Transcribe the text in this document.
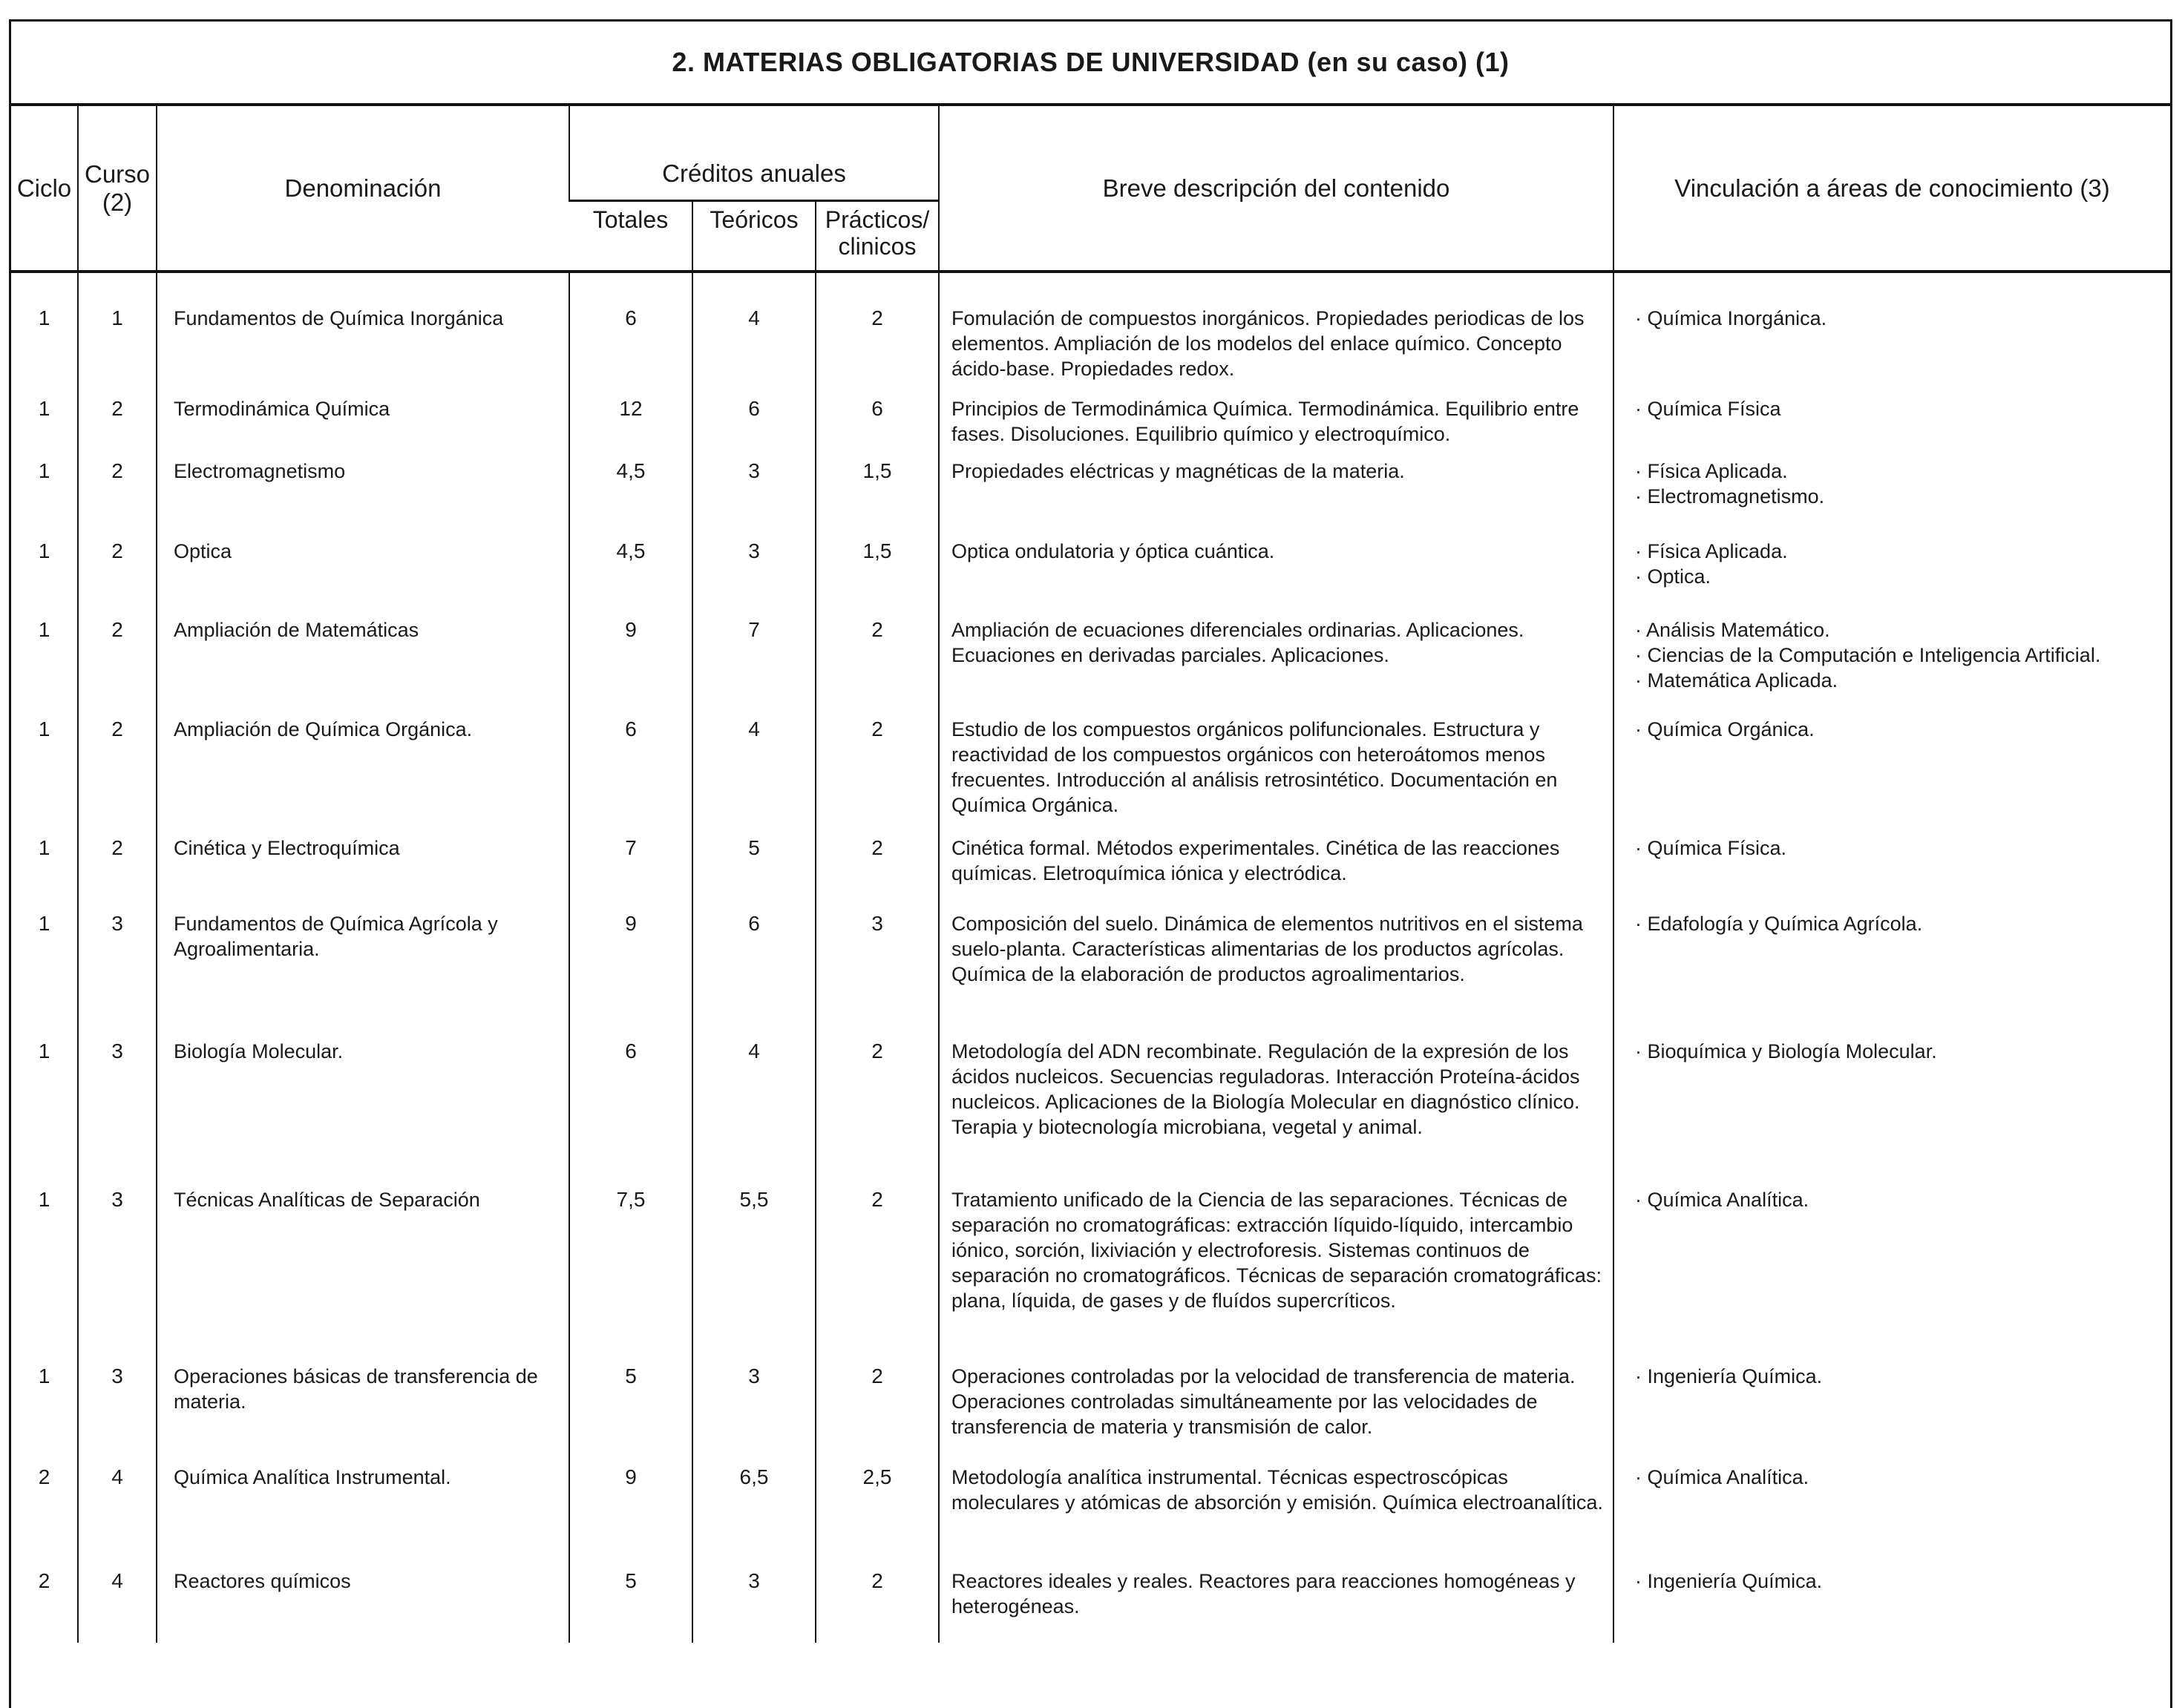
2. MATERIAS OBLIGATORIAS DE UNIVERSIDAD (en su caso) (1)
Ciclo	Curso (2)	Denominación	Créditos anuales			Breve descripción del contenido	Vinculación a áreas de conocimiento (3)
			Totales	Teóricos	Prácticos/ clinicos		

1	1	Fundamentos de Química Inorgánica	6	4	2	Fomulación de compuestos inorgánicos. Propiedades periodicas de los elementos. Ampliación de los modelos del enlace químico. Concepto ácido-base. Propiedades redox.	· Química Inorgánica.

1	2	Termodinámica Química	12	6	6	Principios de Termodinámica Química. Termodinámica. Equilibrio entre fases. Disoluciones. Equilibrio químico y electroquímico.	· Química Física

1	2	Electromagnetismo	4,5	3	1,5	Propiedades eléctricas y magnéticas de la materia.	· Física Aplicada.
· Electromagnetismo.

1	2	Optica	4,5	3	1,5	Optica ondulatoria y óptica cuántica.	· Física Aplicada.
· Optica.

1	2	Ampliación de Matemáticas	9	7	2	Ampliación de ecuaciones diferenciales ordinarias. Aplicaciones. Ecuaciones en derivadas parciales. Aplicaciones.	· Análisis Matemático.
· Ciencias de la Computación e Inteligencia Artificial.
· Matemática Aplicada.

1	2	Ampliación de Química Orgánica.	6	4	2	Estudio de los compuestos orgánicos polifuncionales. Estructura y reactividad de los compuestos orgánicos con heteroátomos menos frecuentes. Introducción al análisis retrosintético. Documentación en Química Orgánica.	· Química Orgánica.

1	2	Cinética y Electroquímica	7	5	2	Cinética formal. Métodos experimentales. Cinética de las reacciones químicas. Eletroquímica iónica y electródica.	· Química Física.

1	3	Fundamentos de Química Agrícola y Agroalimentaria.	9	6	3	Composición del suelo. Dinámica de elementos nutritivos en el sistema suelo-planta. Características alimentarias de los productos agrícolas. Química de la elaboración de productos agroalimentarios.	· Edafología y Química Agrícola.

1	3	Biología Molecular.	6	4	2	Metodología del ADN recombinate. Regulación de la expresión de los ácidos nucleicos. Secuencias reguladoras. Interacción Proteína-ácidos nucleicos. Aplicaciones de la Biología Molecular en diagnóstico clínico. Terapia y biotecnología microbiana, vegetal y animal.	· Bioquímica y Biología Molecular.

1	3	Técnicas Analíticas de Separación	7,5	5,5	2	Tratamiento unificado de la Ciencia de las separaciones. Técnicas de separación no cromatográficas: extracción líquido-líquido, intercambio iónico, sorción, lixiviación y electroforesis. Sistemas continuos de separación no cromatográficos. Técnicas de separación cromatográficas: plana, líquida, de gases y de fluídos supercríticos.	· Química Analítica.

1	3	Operaciones básicas de transferencia de materia.	5	3	2	Operaciones controladas por la velocidad de transferencia de materia. Operaciones controladas simultáneamente por las velocidades de transferencia de materia y transmisión de calor.	· Ingeniería Química.

2	4	Química Analítica Instrumental.	9	6,5	2,5	Metodología analítica instrumental. Técnicas espectroscópicas moleculares y atómicas de absorción y emisión. Química electroanalítica.	· Química Analítica.

2	4	Reactores químicos	5	3	2	Reactores ideales y reales. Reactores para reacciones homogéneas y heterogéneas.	· Ingeniería Química.
